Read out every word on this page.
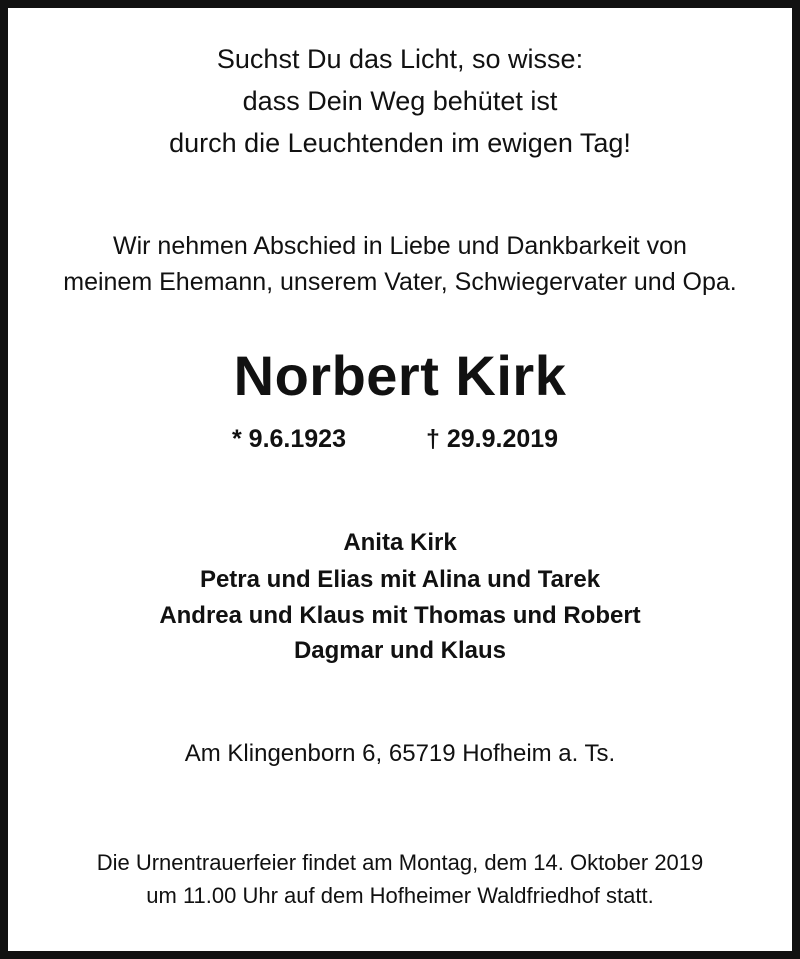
Suchst Du das Licht, so wisse:
dass Dein Weg behütet ist
durch die Leuchtenden im ewigen Tag!
Wir nehmen Abschied in Liebe und Dankbarkeit von
meinem Ehemann, unserem Vater, Schwiegervater und Opa.
Norbert Kirk
* 9.6.1923	† 29.9.2019
Anita Kirk
Petra und Elias mit Alina und Tarek
Andrea und Klaus mit Thomas und Robert
Dagmar und Klaus
Am Klingenborn 6, 65719 Hofheim a. Ts.
Die Urnentrauerfeier findet am Montag, dem 14. Oktober 2019
um 11.00 Uhr auf dem Hofheimer Waldfriedhof statt.
